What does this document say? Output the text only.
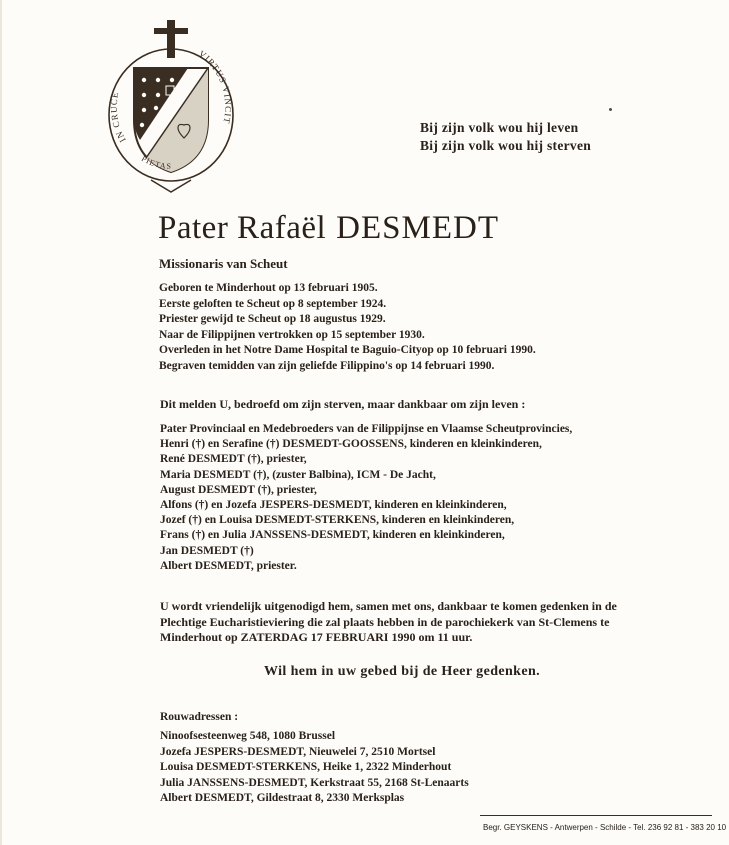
IN CRUCE
VIRTUS VINCIT
PIETAS
Bij zijn volk wou hij leven
Bij zijn volk wou hij sterven
Pater Rafaël DESMEDT
Missionaris van Scheut
Geboren te Minderhout op 13 februari 1905.
Eerste geloften te Scheut op 8 september 1924.
Priester gewijd te Scheut op 18 augustus 1929.
Naar de Filippijnen vertrokken op 15 september 1930.
Overleden in het Notre Dame Hospital te Baguio-Cityop op 10 februari 1990.
Begraven temidden van zijn geliefde Filippino's op 14 februari 1990.
Dit melden U, bedroefd om zijn sterven, maar dankbaar om zijn leven :
Pater Provinciaal en Medebroeders van de Filippijnse en Vlaamse Scheutprovincies,
Henri (†) en Serafine (†) DESMEDT-GOOSSENS, kinderen en kleinkinderen,
René DESMEDT (†), priester,
Maria DESMEDT (†), (zuster Balbina), ICM - De Jacht,
August DESMEDT (†), priester,
Alfons (†) en Jozefa JESPERS-DESMEDT, kinderen en kleinkinderen,
Jozef (†) en Louisa DESMEDT-STERKENS, kinderen en kleinkinderen,
Frans (†) en Julia JANSSENS-DESMEDT, kinderen en kleinkinderen,
Jan DESMEDT (†)
Albert DESMEDT, priester.
U wordt vriendelijk uitgenodigd hem, samen met ons, dankbaar te komen gedenken in de
Plechtige Eucharistieviering die zal plaats hebben in de parochiekerk van St-Clemens te
Minderhout op ZATERDAG 17 FEBRUARI 1990 om 11 uur.
Wil hem in uw gebed bij de Heer gedenken.
Rouwadressen :
Ninoofsesteenweg 548, 1080 Brussel
Jozefa JESPERS-DESMEDT, Nieuwelei 7, 2510 Mortsel
Louisa DESMEDT-STERKENS, Heike 1, 2322 Minderhout
Julia JANSSENS-DESMEDT, Kerkstraat 55, 2168 St-Lenaarts
Albert DESMEDT, Gildestraat 8, 2330 Merksplas
Begr. GEYSKENS - Antwerpen - Schilde - Tel. 236 92 81 - 383 20 10
